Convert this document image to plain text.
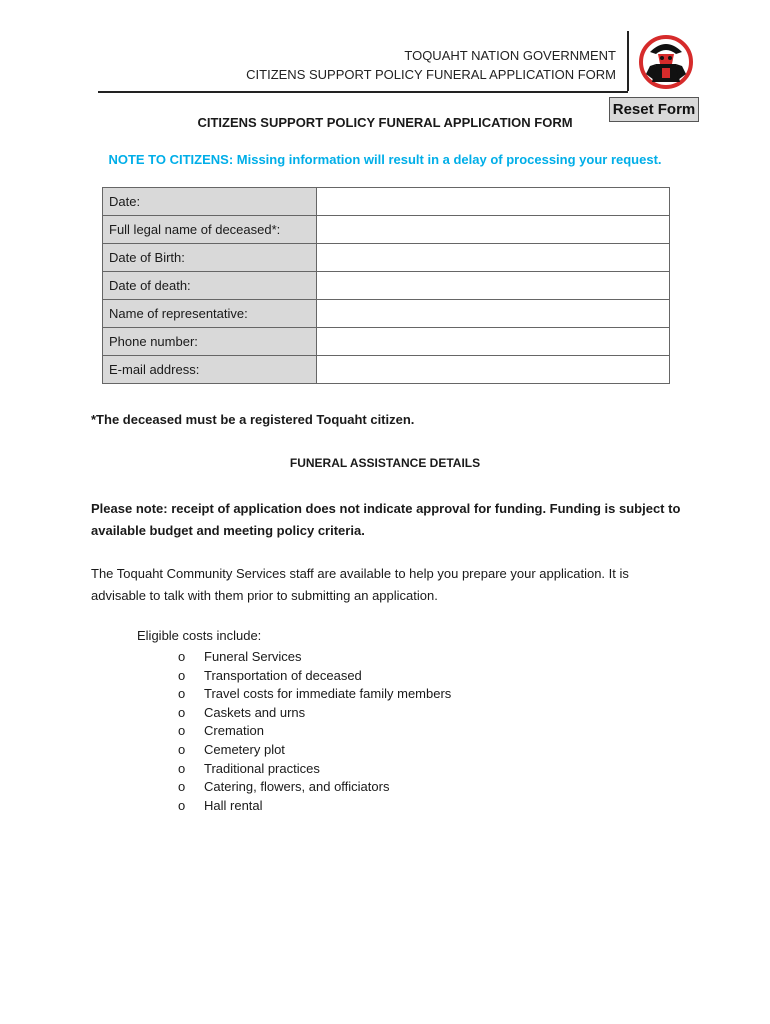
TOQUAHT NATION GOVERNMENT
CITIZENS SUPPORT POLICY FUNERAL APPLICATION FORM
Reset Form
CITIZENS SUPPORT POLICY FUNERAL APPLICATION FORM
NOTE TO CITIZENS: Missing information will result in a delay of processing your request.
Date:	
Full legal name of deceased*:	
Date of Birth:	
Date of death:	
Name of representative:	
Phone number:	
E-mail address:	
*The deceased must be a registered Toquaht citizen.
FUNERAL ASSISTANCE DETAILS
Please note: receipt of application does not indicate approval for funding. Funding is subject to available budget and meeting policy criteria.
The Toquaht Community Services staff are available to help you prepare your application. It is advisable to talk with them prior to submitting an application.
Eligible costs include:
o	Funeral Services
o	Transportation of deceased
o	Travel costs for immediate family members
o	Caskets and urns
o	Cremation
o	Cemetery plot
o	Traditional practices
o	Catering, flowers, and officiators
o	Hall rental
